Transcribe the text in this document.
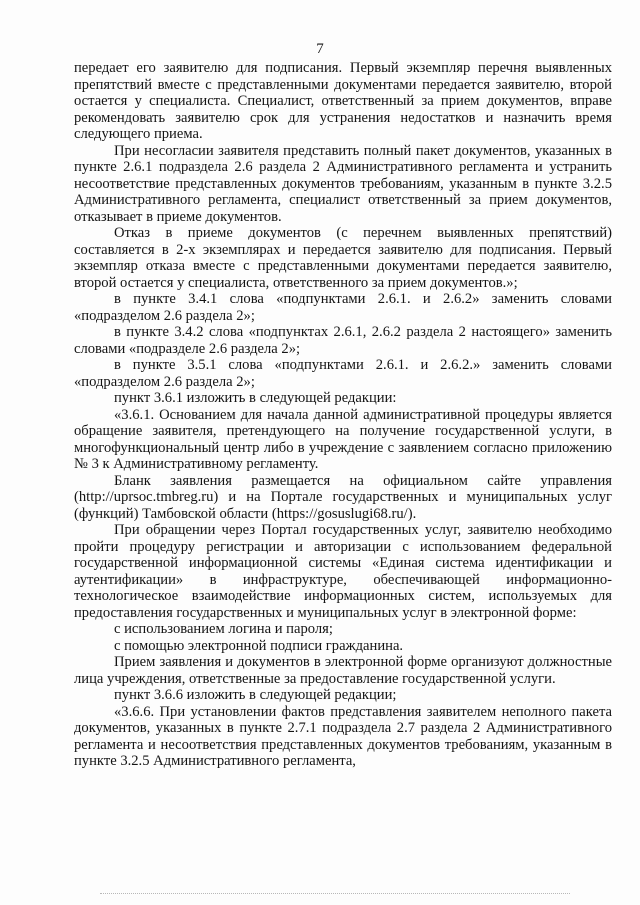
7

передает его заявителю для подписания. Первый экземпляр перечня выявленных препятствий вместе с представленными документами передается заявителю, второй остается у специалиста. Специалист, ответственный за прием документов, вправе рекомендовать заявителю срок для устранения недостатков и назначить время следующего приема.

При несогласии заявителя представить полный пакет документов, указанных в пункте 2.6.1 подраздела 2.6 раздела 2 Административного регламента и устранить несоответствие представленных документов требованиям, указанным в пункте 3.2.5 Административного регламента, специалист ответственный за прием документов, отказывает в приеме документов.

Отказ в приеме документов (с перечнем выявленных препятствий) составляется в 2-х экземплярах и передается заявителю для подписания. Первый экземпляр отказа вместе с представленными документами передается заявителю, второй остается у специалиста, ответственного за прием документов.»;

в пункте 3.4.1 слова «подпунктами 2.6.1. и 2.6.2» заменить словами «подразделом 2.6 раздела 2»;

в пункте 3.4.2 слова «подпунктах 2.6.1, 2.6.2 раздела 2 настоящего» заменить словами «подразделе 2.6 раздела 2»;

в пункте 3.5.1 слова «подпунктами 2.6.1. и 2.6.2.» заменить словами «подразделом 2.6 раздела 2»;

пункт 3.6.1 изложить в следующей редакции:

«3.6.1. Основанием для начала данной административной процедуры является обращение заявителя, претендующего на получение государственной услуги, в многофункциональный центр либо в учреждение с заявлением согласно приложению № 3 к Административному регламенту.

Бланк заявления размещается на официальном сайте управления (http://uprsoc.tmbreg.ru) и на Портале государственных и муниципальных услуг (функций) Тамбовской области (https://gosuslugi68.ru/).

При обращении через Портал государственных услуг, заявителю необходимо пройти процедуру регистрации и авторизации с использованием федеральной государственной информационной системы «Единая система идентификации и аутентификации» в инфраструктуре, обеспечивающей информационно-технологическое взаимодействие информационных систем, используемых для предоставления государственных и муниципальных услуг в электронной форме:

с использованием логина и пароля;

с помощью электронной подписи гражданина.

Прием заявления и документов в электронной форме организуют должностные лица учреждения, ответственные за предоставление государственной услуги.

пункт 3.6.6 изложить в следующей редакции;

«3.6.6. При установлении фактов представления заявителем неполного пакета документов, указанных в пункте 2.7.1 подраздела 2.7 раздела 2 Административного регламента и несоответствия представленных документов требованиям, указанным в пункте 3.2.5 Административного регламента,
